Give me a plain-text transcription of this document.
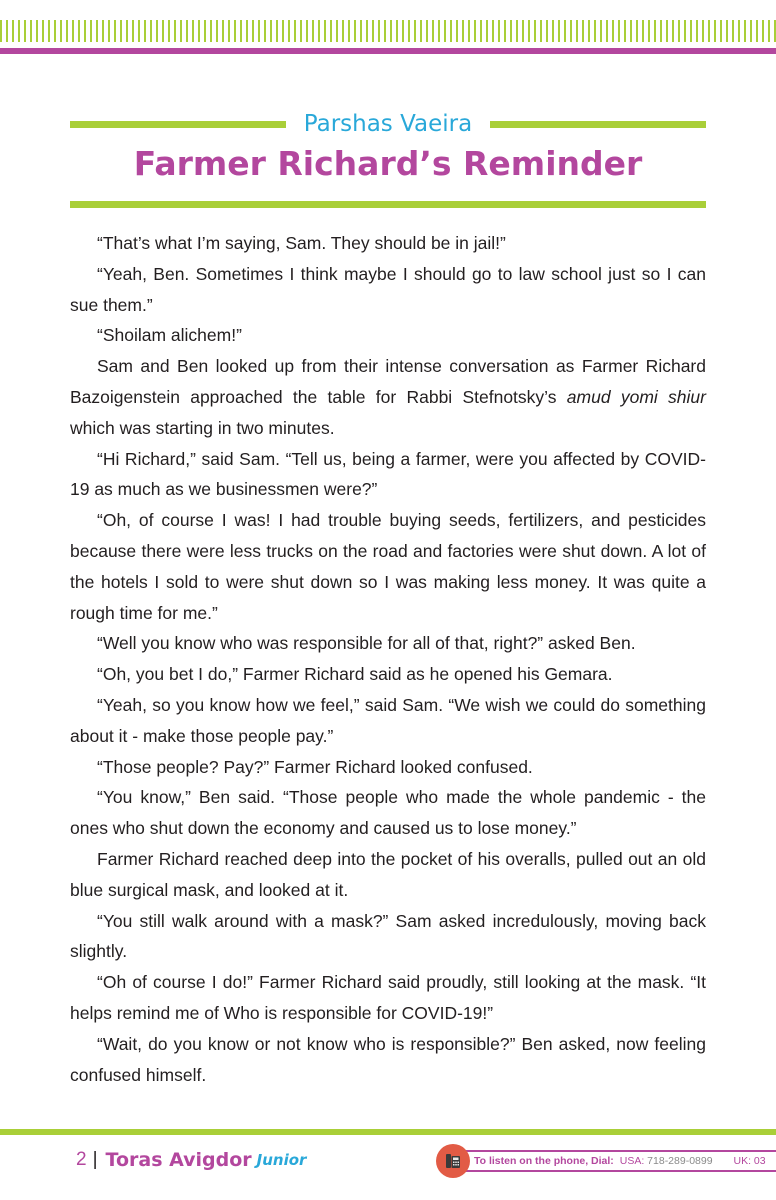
Parshas Vaeira
Farmer Richard’s Reminder

“That’s what I’m saying, Sam. They should be in jail!”

“Yeah, Ben. Sometimes I think maybe I should go to law school just so I can sue them.”

“Shoilam alichem!”

Sam and Ben looked up from their intense conversation as Farmer Richard Bazoigenstein approached the table for Rabbi Stefnotsky’s amud yomi shiur which was starting in two minutes.

“Hi Richard,” said Sam. “Tell us, being a farmer, were you affected by COVID-19 as much as we businessmen were?”

“Oh, of course I was! I had trouble buying seeds, fertilizers, and pesticides because there were less trucks on the road and factories were shut down. A lot of the hotels I sold to were shut down so I was making less money. It was quite a rough time for me.”

“Well you know who was responsible for all of that, right?” asked Ben.

“Oh, you bet I do,” Farmer Richard said as he opened his Gemara.

“Yeah, so you know how we feel,” said Sam. “We wish we could do something about it - make those people pay.”

“Those people? Pay?” Farmer Richard looked confused.

“You know,” Ben said. “Those people who made the whole pandemic - the ones who shut down the economy and caused us to lose money.”

Farmer Richard reached deep into the pocket of his overalls, pulled out an old blue surgical mask, and looked at it.

“You still walk around with a mask?” Sam asked incredulously, moving back slightly.

“Oh of course I do!” Farmer Richard said proudly, still looking at the mask. “It helps remind me of Who is responsible for COVID-19!”

“Wait, do you know or not know who is responsible?” Ben asked, now feeling confused himself.

2 | Toras Avigdor Junior	To listen on the phone, Dial: USA: 718-289-0899 UK: 03
